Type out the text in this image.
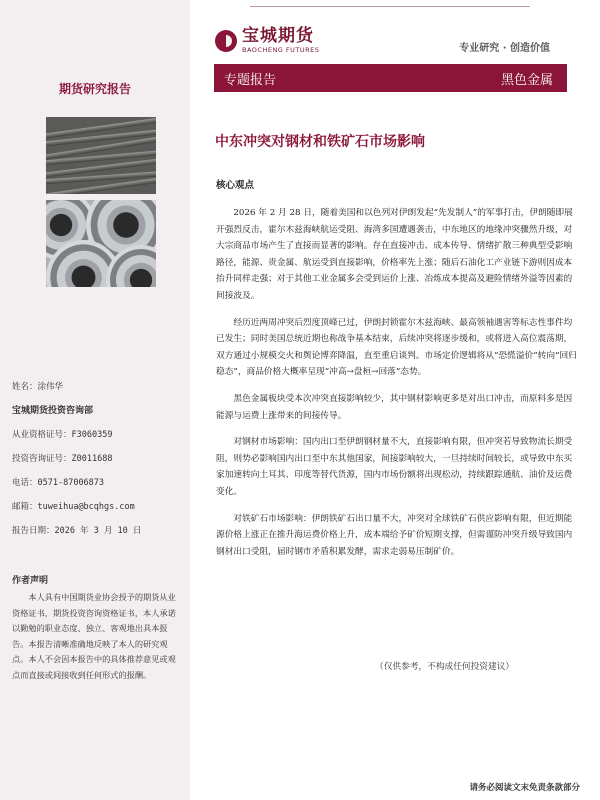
期货研究报告
姓名：涂伟华
宝城期货投资咨询部
从业资格证号：F3060359
投资咨询证号：Z0011688
电话：0571-87006873
邮箱：tuweihua@bcqhgs.com
报告日期：2026 年 3 月 10 日
作者声明
本人具有中国期货业协会授予的期货从业资格证书，期货投资咨询资格证书，本人承诺以勤勉的职业态度、独立、客观地出具本报告。本报告清晰准确地反映了本人的研究观点。本人不会因本报告中的具体推荐意见或观点而直接或间接收到任何形式的报酬。
宝城期货
BAOCHENG FUTURES	专业研究 · 创造价值
专题报告	黑色金属
中东冲突对钢材和铁矿石市场影响
核心观点

2026 年 2 月 28 日，随着美国和以色列对伊朗发起“先发制人”的军事打击，伊朗随即展开强烈反击，霍尔木兹海峡航运受阻、海湾多国遭遇袭击，中东地区的地缘冲突骤然升级，对大宗商品市场产生了直接而显著的影响。存在直接冲击、成本传导、情绪扩散三种典型受影响路径，能源、贵金属、航运受到直接影响，价格率先上涨；随后石油化工产业链下游则因成本抬升同样走强；对于其他工业金属多会受到运价上涨、冶炼成本提高及避险情绪外溢等因素的间接波及。

经历近两周冲突后烈度顶峰已过，伊朗封锁霍尔木兹海峡、最高领袖遇害等标志性事件均已发生；同时美国总统近期也称战争基本结束，后续冲突将逐步缓和，或将进入高位震荡期，双方通过小规模交火和舆论博弈降温，直至重启谈判。市场定价逻辑将从“恐慌溢价”转向“回归稳态”，商品价格大概率呈现“冲高→盘桓→回落”态势。

黑色金属板块受本次冲突直接影响较少，其中钢材影响更多是对出口冲击，而原料多是因能源与运费上涨带来的间接传导。

对钢材市场影响：国内出口至伊朗钢材量不大，直接影响有限，但冲突若导致物流长期受阻，则势必影响国内出口至中东其他国家，间接影响较大，一旦持续时间较长，或导致中东买家加速转向土耳其、印度等替代货源，国内市场份额将出现松动，持续跟踪通航、油价及运费变化。

对铁矿石市场影响：伊朗铁矿石出口量不大，冲突对全球铁矿石供应影响有限，但近期能源价格上涨正在推升海运费价格上升，成本端给予矿价短期支撑，但需谨防冲突升级导致国内钢材出口受阻，届时钢市矛盾积累发酵，需求走弱易压制矿价。

（仅供参考，不构成任何投资建议）
请务必阅读文末免责条款部分
